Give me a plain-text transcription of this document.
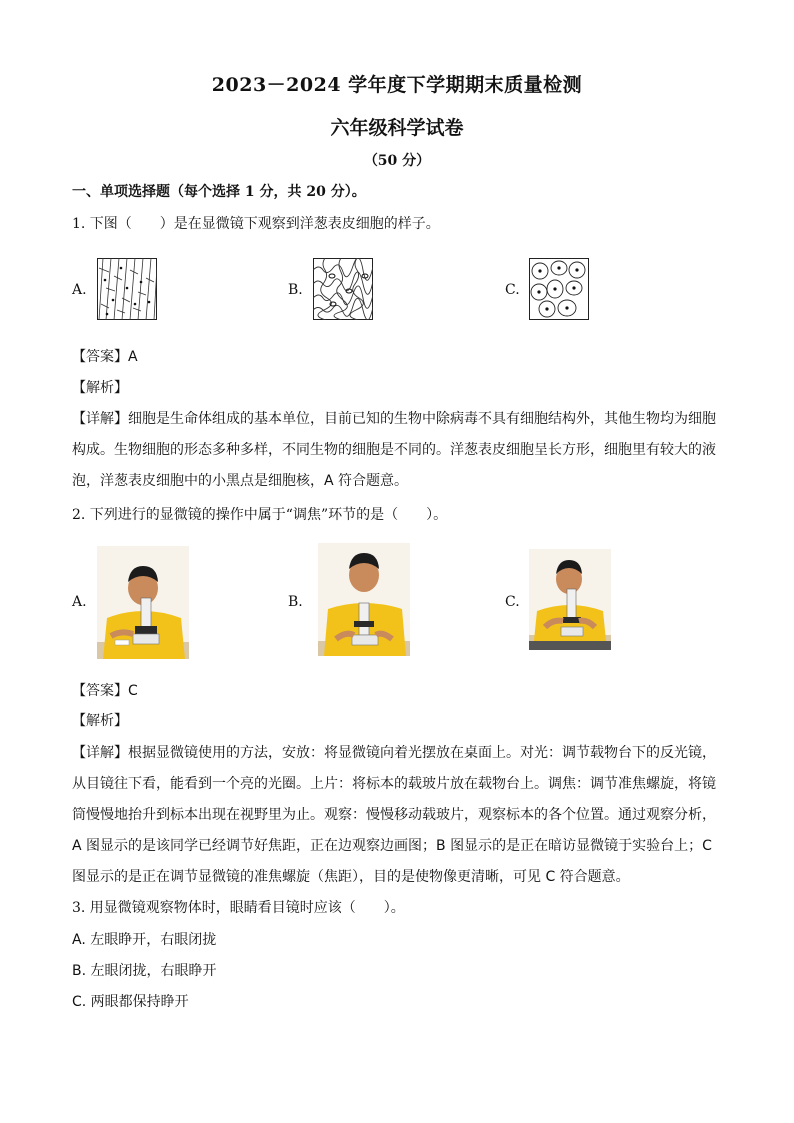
2023－2024 学年度下学期期末质量检测
六年级科学试卷
（50 分）
一、单项选择题（每个选择 1 分，共 20 分）。
1. 下图（　　）是在显微镜下观察到洋葱表皮细胞的样子。
A.	B.	C.
【答案】A
【解析】
【详解】细胞是生命体组成的基本单位，目前已知的生物中除病毒不具有细胞结构外，其他生物均为细胞构成。生物细胞的形态多种多样，不同生物的细胞是不同的。洋葱表皮细胞呈长方形，细胞里有较大的液泡，洋葱表皮细胞中的小黑点是细胞核，A 符合题意。
2. 下列进行的显微镜的操作中属于“调焦”环节的是（　　）。
A.	B.	C.
【答案】C
【解析】
【详解】根据显微镜使用的方法，安放：将显微镜向着光摆放在桌面上。对光：调节载物台下的反光镜，从目镜往下看，能看到一个亮的光圈。上片：将标本的载玻片放在载物台上。调焦：调节准焦螺旋，将镜筒慢慢地抬升到标本出现在视野里为止。观察：慢慢移动载玻片，观察标本的各个位置。通过观察分析，A 图显示的是该同学已经调节好焦距，正在边观察边画图；B 图显示的是正在暗访显微镜于实验台上；C 图显示的是正在调节显微镜的准焦螺旋（焦距），目的是使物像更清晰，可见 C 符合题意。
3. 用显微镜观察物体时，眼睛看目镜时应该（　　）。
A. 左眼睁开，右眼闭拢
B. 左眼闭拢，右眼睁开
C. 两眼都保持睁开
